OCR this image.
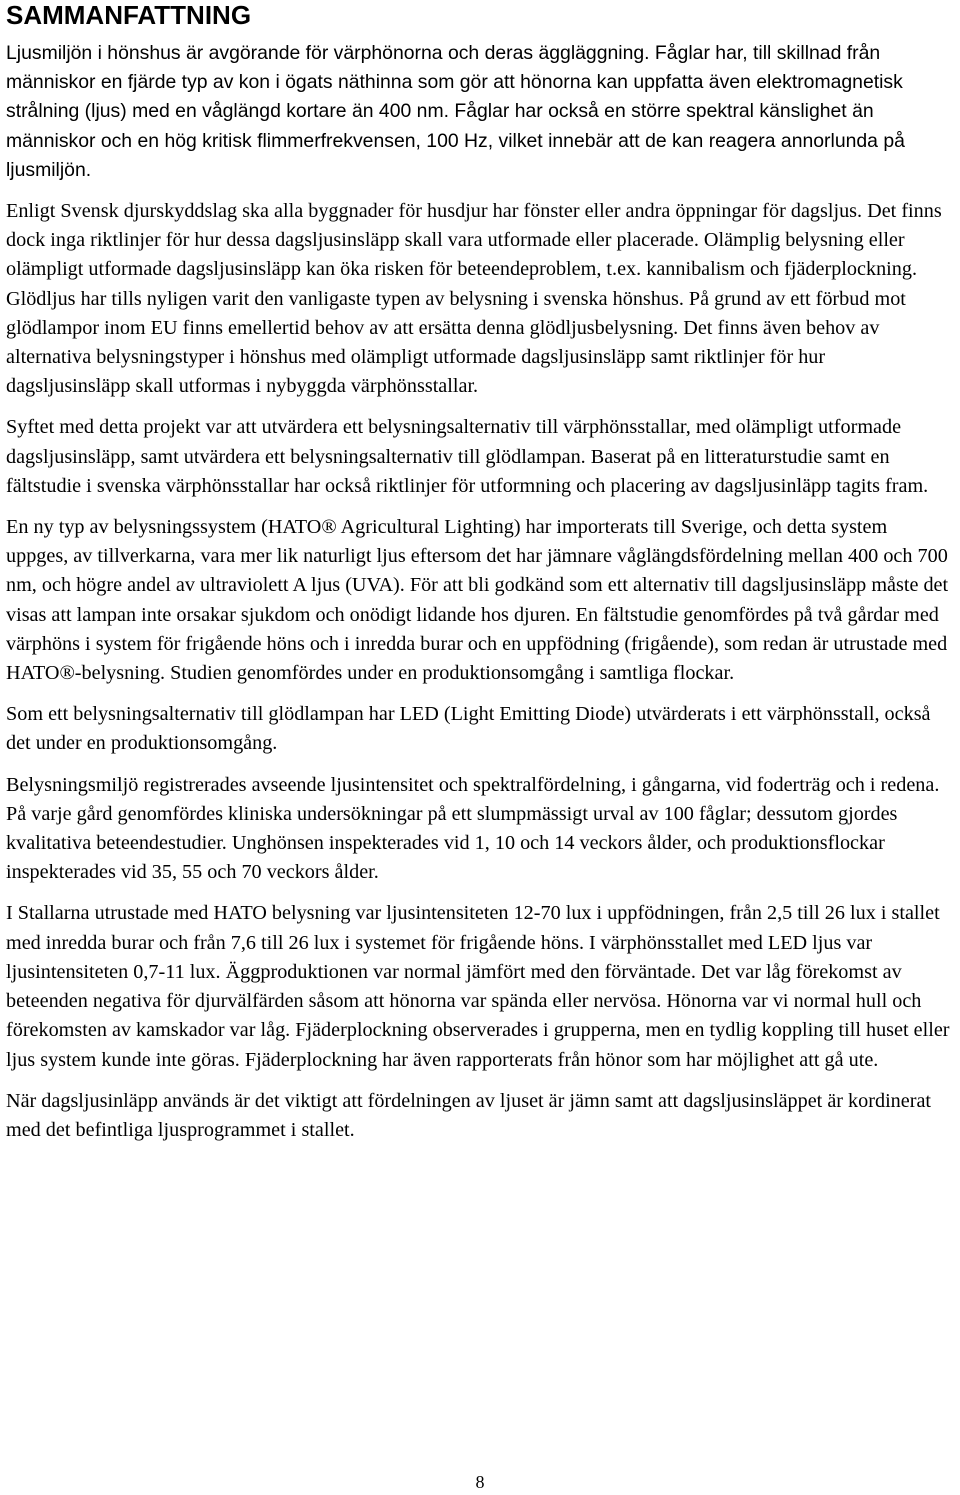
SAMMANFATTNING

Ljusmiljön i hönshus är avgörande för värphönorna och deras äggläggning. Fåglar har, till skillnad från människor en fjärde typ av kon i ögats näthinna som gör att hönorna kan uppfatta även elektromagnetisk strålning (ljus) med en våglängd kortare än 400 nm. Fåglar har också en större spektral känslighet än människor och en hög kritisk flimmerfrekvensen, 100 Hz, vilket innebär att de kan reagera annorlunda på ljusmiljön.

Enligt Svensk djurskyddslag ska alla byggnader för husdjur har fönster eller andra öppningar för dagsljus. Det finns dock inga riktlinjer för hur dessa dagsljusinsläpp skall vara utformade eller placerade. Olämplig belysning eller olämpligt utformade dagsljusinsläpp kan öka risken för beteendeproblem, t.ex. kannibalism och fjäderplockning. Glödljus har tills nyligen varit den vanligaste typen av belysning i svenska hönshus. På grund av ett förbud mot glödlampor inom EU finns emellertid behov av att ersätta denna glödljusbelysning. Det finns även behov av alternativa belysningstyper i hönshus med olämpligt utformade dagsljusinsläpp samt riktlinjer för hur dagsljusinsläpp skall utformas i nybyggda värphönsstallar.

Syftet med detta projekt var att utvärdera ett belysningsalternativ till värphönsstallar, med olämpligt utformade dagsljusinsläpp, samt utvärdera ett belysningsalternativ till glödlampan. Baserat på en litteraturstudie samt en fältstudie i svenska värphönsstallar har också riktlinjer för utformning och placering av dagsljusinläpp tagits fram.

En ny typ av belysningssystem (HATO® Agricultural Lighting) har importerats till Sverige, och detta system uppges, av tillverkarna, vara mer lik naturligt ljus eftersom det har jämnare våglängdsfördelning mellan 400 och 700 nm, och högre andel av ultraviolett A ljus (UVA). För att bli godkänd som ett alternativ till dagsljusinsläpp måste det visas att lampan inte orsakar sjukdom och onödigt lidande hos djuren. En fältstudie genomfördes på två gårdar med värphöns i system för frigående höns och i inredda burar och en uppfödning (frigående), som redan är utrustade med HATO®-belysning. Studien genomfördes under en produktionsomgång i samtliga flockar.

Som ett belysningsalternativ till glödlampan har LED (Light Emitting Diode) utvärderats i ett värphönsstall, också det under en produktionsomgång.

Belysningsmiljö registrerades avseende ljusintensitet och spektralfördelning, i gångarna, vid foderträg och i redena. På varje gård genomfördes kliniska undersökningar på ett slumpmässigt urval av 100 fåglar; dessutom gjordes kvalitativa beteendestudier. Unghönsen inspekterades vid 1, 10 och 14 veckors ålder, och produktionsflockar inspekterades vid 35, 55 och 70 veckors ålder.

I Stallarna utrustade med HATO belysning var ljusintensiteten 12-70 lux i uppfödningen, från 2,5 till 26 lux i stallet med inredda burar och från 7,6 till 26 lux i systemet för frigående höns. I värphönsstallet med LED ljus var ljusintensiteten 0,7-11 lux. Äggproduktionen var normal jämfört med den förväntade. Det var låg förekomst av beteenden negativa för djurvälfärden såsom att hönorna var spända eller nervösa. Hönorna var vi normal hull och förekomsten av kamskador var låg. Fjäderplockning observerades i grupperna, men en tydlig koppling till huset eller ljus system kunde inte göras. Fjäderplockning har även rapporterats från hönor som har möjlighet att gå ute.

När dagsljusinläpp används är det viktigt att fördelningen av ljuset är jämn samt att dagsljusinsläppet är kordinerat med det befintliga ljusprogrammet i stallet.

8
